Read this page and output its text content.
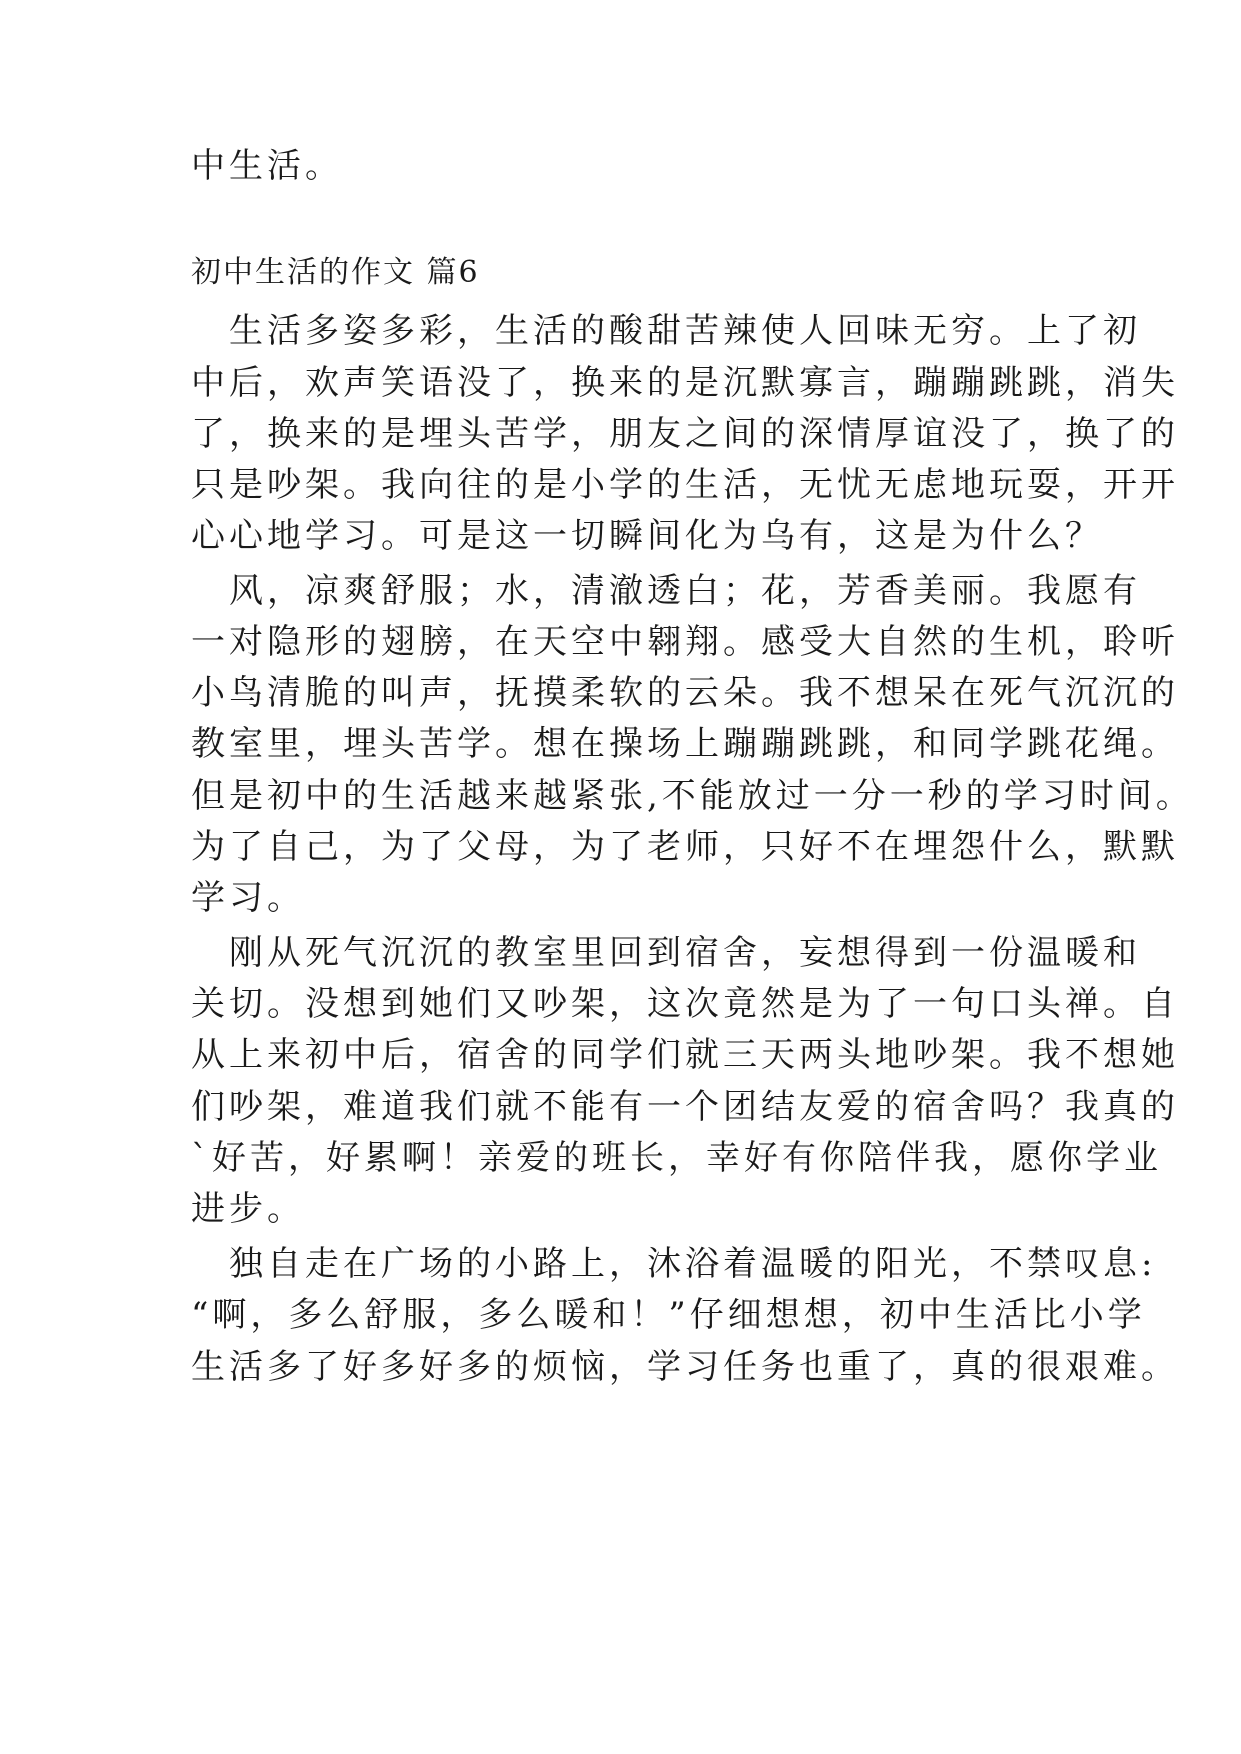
中生活。
初中生活的作文 篇6
生活多姿多彩，生活的酸甜苦辣使人回味无穷。上了初
中后，欢声笑语没了，换来的是沉默寡言，蹦蹦跳跳，消失
了，换来的是埋头苦学，朋友之间的深情厚谊没了，换了的
只是吵架。我向往的是小学的生活，无忧无虑地玩耍，开开
心心地学习。可是这一切瞬间化为乌有，这是为什么？
风，凉爽舒服；水，清澈透白；花，芳香美丽。我愿有
一对隐形的翅膀，在天空中翱翔。感受大自然的生机，聆听
小鸟清脆的叫声，抚摸柔软的云朵。我不想呆在死气沉沉的
教室里，埋头苦学。想在操场上蹦蹦跳跳，和同学跳花绳。
但是初中的生活越来越紧张,不能放过一分一秒的学习时间。
为了自己，为了父母，为了老师，只好不在埋怨什么，默默
学习。
刚从死气沉沉的教室里回到宿舍，妄想得到一份温暖和
关切。没想到她们又吵架，这次竟然是为了一句口头禅。自
从上来初中后，宿舍的同学们就三天两头地吵架。我不想她
们吵架，难道我们就不能有一个团结友爱的宿舍吗？我真的
`好苦，好累啊！亲爱的班长，幸好有你陪伴我，愿你学业
进步。
独自走在广场的小路上，沐浴着温暖的阳光，不禁叹息:
“啊，多么舒服，多么暖和！”仔细想想，初中生活比小学
生活多了好多好多的烦恼，学习任务也重了，真的很艰难。
